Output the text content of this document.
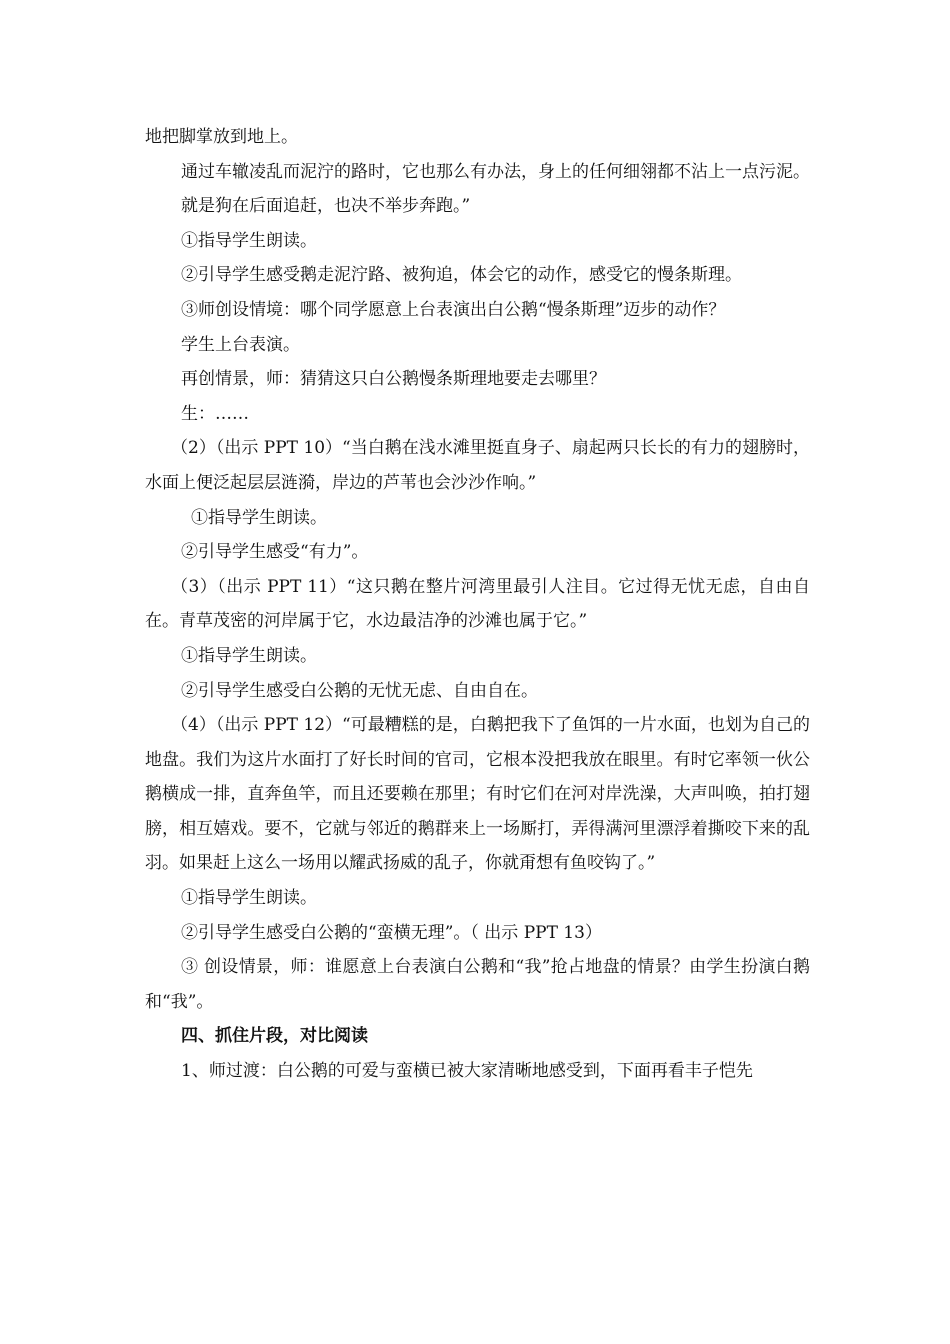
地把脚掌放到地上。

通过车辙凌乱而泥泞的路时，它也那么有办法，身上的任何细翎都不沾上一点污泥。

就是狗在后面追赶，也决不举步奔跑。”

①指导学生朗读。

②引导学生感受鹅走泥泞路、被狗追，体会它的动作，感受它的慢条斯理。

③师创设情境：哪个同学愿意上台表演出白公鹅“慢条斯理”迈步的动作？

学生上台表演。

再创情景，师：猜猜这只白公鹅慢条斯理地要走去哪里？

生：……

（2）（出示 PPT 10）“当白鹅在浅水滩里挺直身子、扇起两只长长的有力的翅膀时，水面上便泛起层层涟漪，岸边的芦苇也会沙沙作响。”

①指导学生朗读。

②引导学生感受“有力”。

（3）（出示 PPT 11）“这只鹅在整片河湾里最引人注目。它过得无忧无虑，自由自在。青草茂密的河岸属于它，水边最洁净的沙滩也属于它。”

①指导学生朗读。

②引导学生感受白公鹅的无忧无虑、自由自在。

（4）（出示 PPT 12）“可最糟糕的是，白鹅把我下了鱼饵的一片水面，也划为自己的地盘。我们为这片水面打了好长时间的官司，它根本没把我放在眼里。有时它率领一伙公鹅横成一排，直奔鱼竿，而且还要赖在那里；有时它们在河对岸洗澡，大声叫唤，拍打翅膀，相互嬉戏。要不，它就与邻近的鹅群来上一场厮打，弄得满河里漂浮着撕咬下来的乱羽。如果赶上这么一场用以耀武扬威的乱子，你就甭想有鱼咬钩了。”

①指导学生朗读。

②引导学生感受白公鹅的“蛮横无理”。（ 出示 PPT 13）

③ 创设情景，师：谁愿意上台表演白公鹅和“我”抢占地盘的情景？由学生扮演白鹅和“我”。

四、抓住片段，对比阅读

1、师过渡：白公鹅的可爱与蛮横已被大家清晰地感受到，下面再看丰子恺先
